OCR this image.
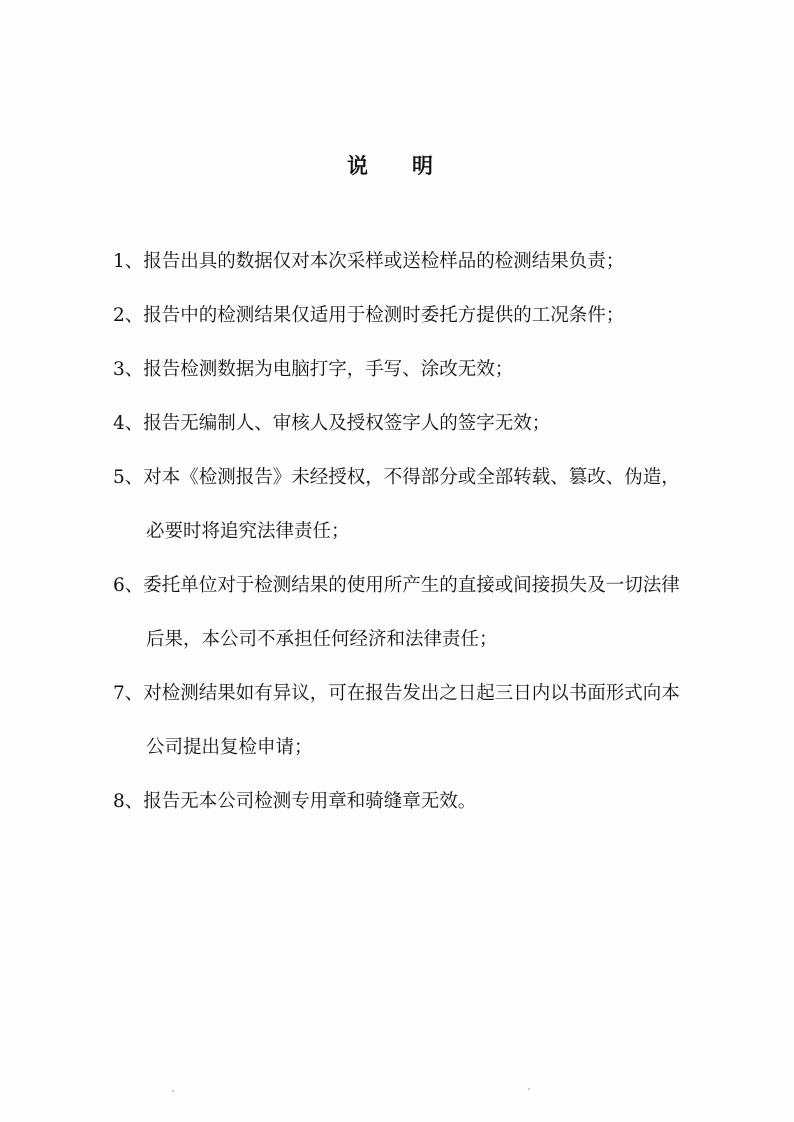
说明
1、报告出具的数据仅对本次采样或送检样品的检测结果负责；
2、报告中的检测结果仅适用于检测时委托方提供的工况条件；
3、报告检测数据为电脑打字，手写、涂改无效；
4、报告无编制人、审核人及授权签字人的签字无效；
5、对本《检测报告》未经授权，不得部分或全部转载、篡改、伪造，
必要时将追究法律责任；
6、委托单位对于检测结果的使用所产生的直接或间接损失及一切法律
后果，本公司不承担任何经济和法律责任；
7、对检测结果如有异议，可在报告发出之日起三日内以书面形式向本
公司提出复检申请；
8、报告无本公司检测专用章和骑缝章无效。
